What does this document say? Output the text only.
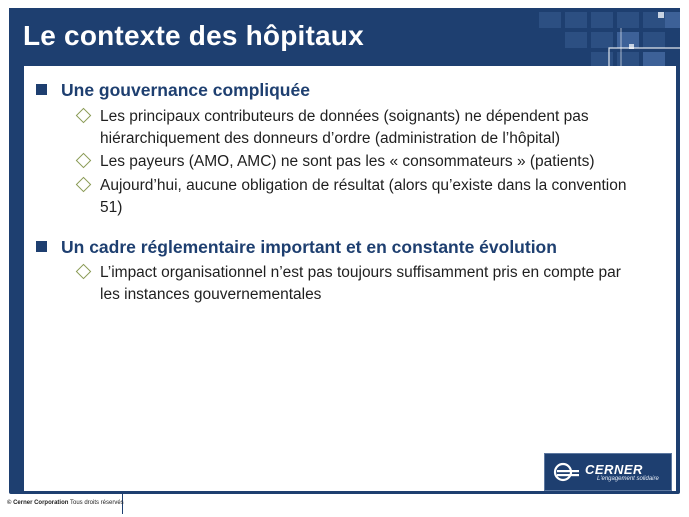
Le contexte des hôpitaux
Une gouvernance compliquée
Les principaux contributeurs de données (soignants) ne dépendent pas hiérarchiquement des donneurs d’ordre (administration de l’hôpital)
Les payeurs (AMO, AMC) ne sont pas les « consommateurs » (patients)
Aujourd’hui, aucune obligation de résultat (alors qu’existe dans la convention 51)
Un cadre réglementaire important et en constante évolution
L’impact organisationnel n’est pas toujours suffisamment pris en compte par les instances gouvernementales
CERNER
L'engagement solidaire
© Cerner Corporation Tous droits réservés
